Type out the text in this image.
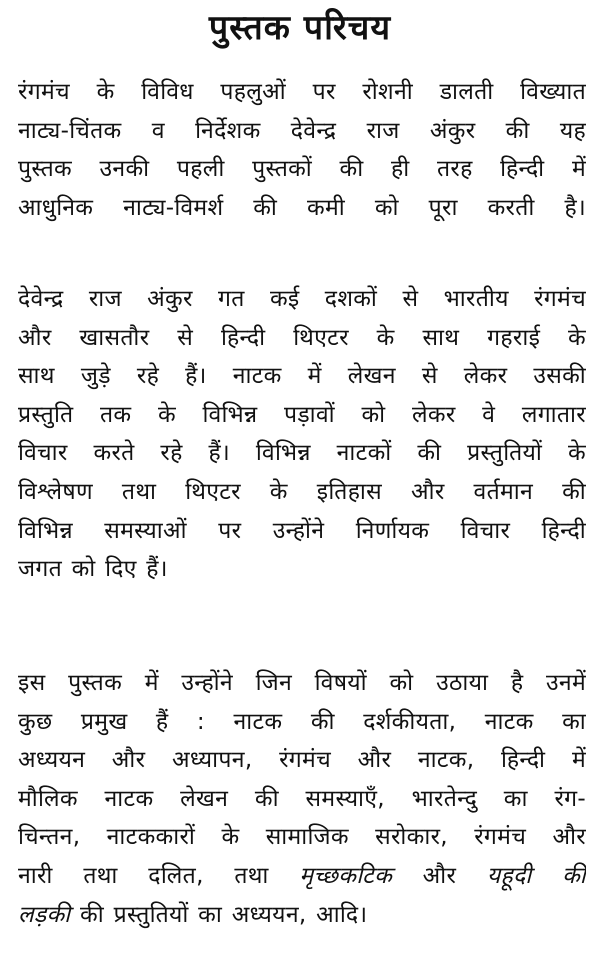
पुस्तक परिचय
रंगमंच के विविध पहलुओं पर रोशनी डालती विख्यात
नाट्य-चिंतक व निर्देशक देवेन्द्र राज अंकुर की यह
पुस्तक उनकी पहली पुस्तकों की ही तरह हिन्दी में
आधुनिक नाट्य-विमर्श की कमी को पूरा करती है।
देवेन्द्र राज अंकुर गत कई दशकों से भारतीय रंगमंच
और खासतौर से हिन्दी थिएटर के साथ गहराई के
साथ जुड़े रहे हैं। नाटक में लेखन से लेकर उसकी
प्रस्तुति तक के विभिन्न पड़ावों को लेकर वे लगातार
विचार करते रहे हैं। विभिन्न नाटकों की प्रस्तुतियों के
विश्लेषण तथा थिएटर के इतिहास और वर्तमान की
विभिन्न समस्याओं पर उन्होंने निर्णायक विचार हिन्दी
जगत को दिए हैं।
इस पुस्तक में उन्होंने जिन विषयों को उठाया है उनमें
कुछ प्रमुख हैं : नाटक की दर्शकीयता, नाटक का
अध्ययन और अध्यापन, रंगमंच और नाटक, हिन्दी में
मौलिक नाटक लेखन की समस्याएँ, भारतेन्दु का रंग-
चिन्तन, नाटककारों के सामाजिक सरोकार, रंगमंच और
नारी तथा दलित, तथा मृच्छकटिक और यहूदी की
लड़की की प्रस्तुतियों का अध्ययन, आदि।
